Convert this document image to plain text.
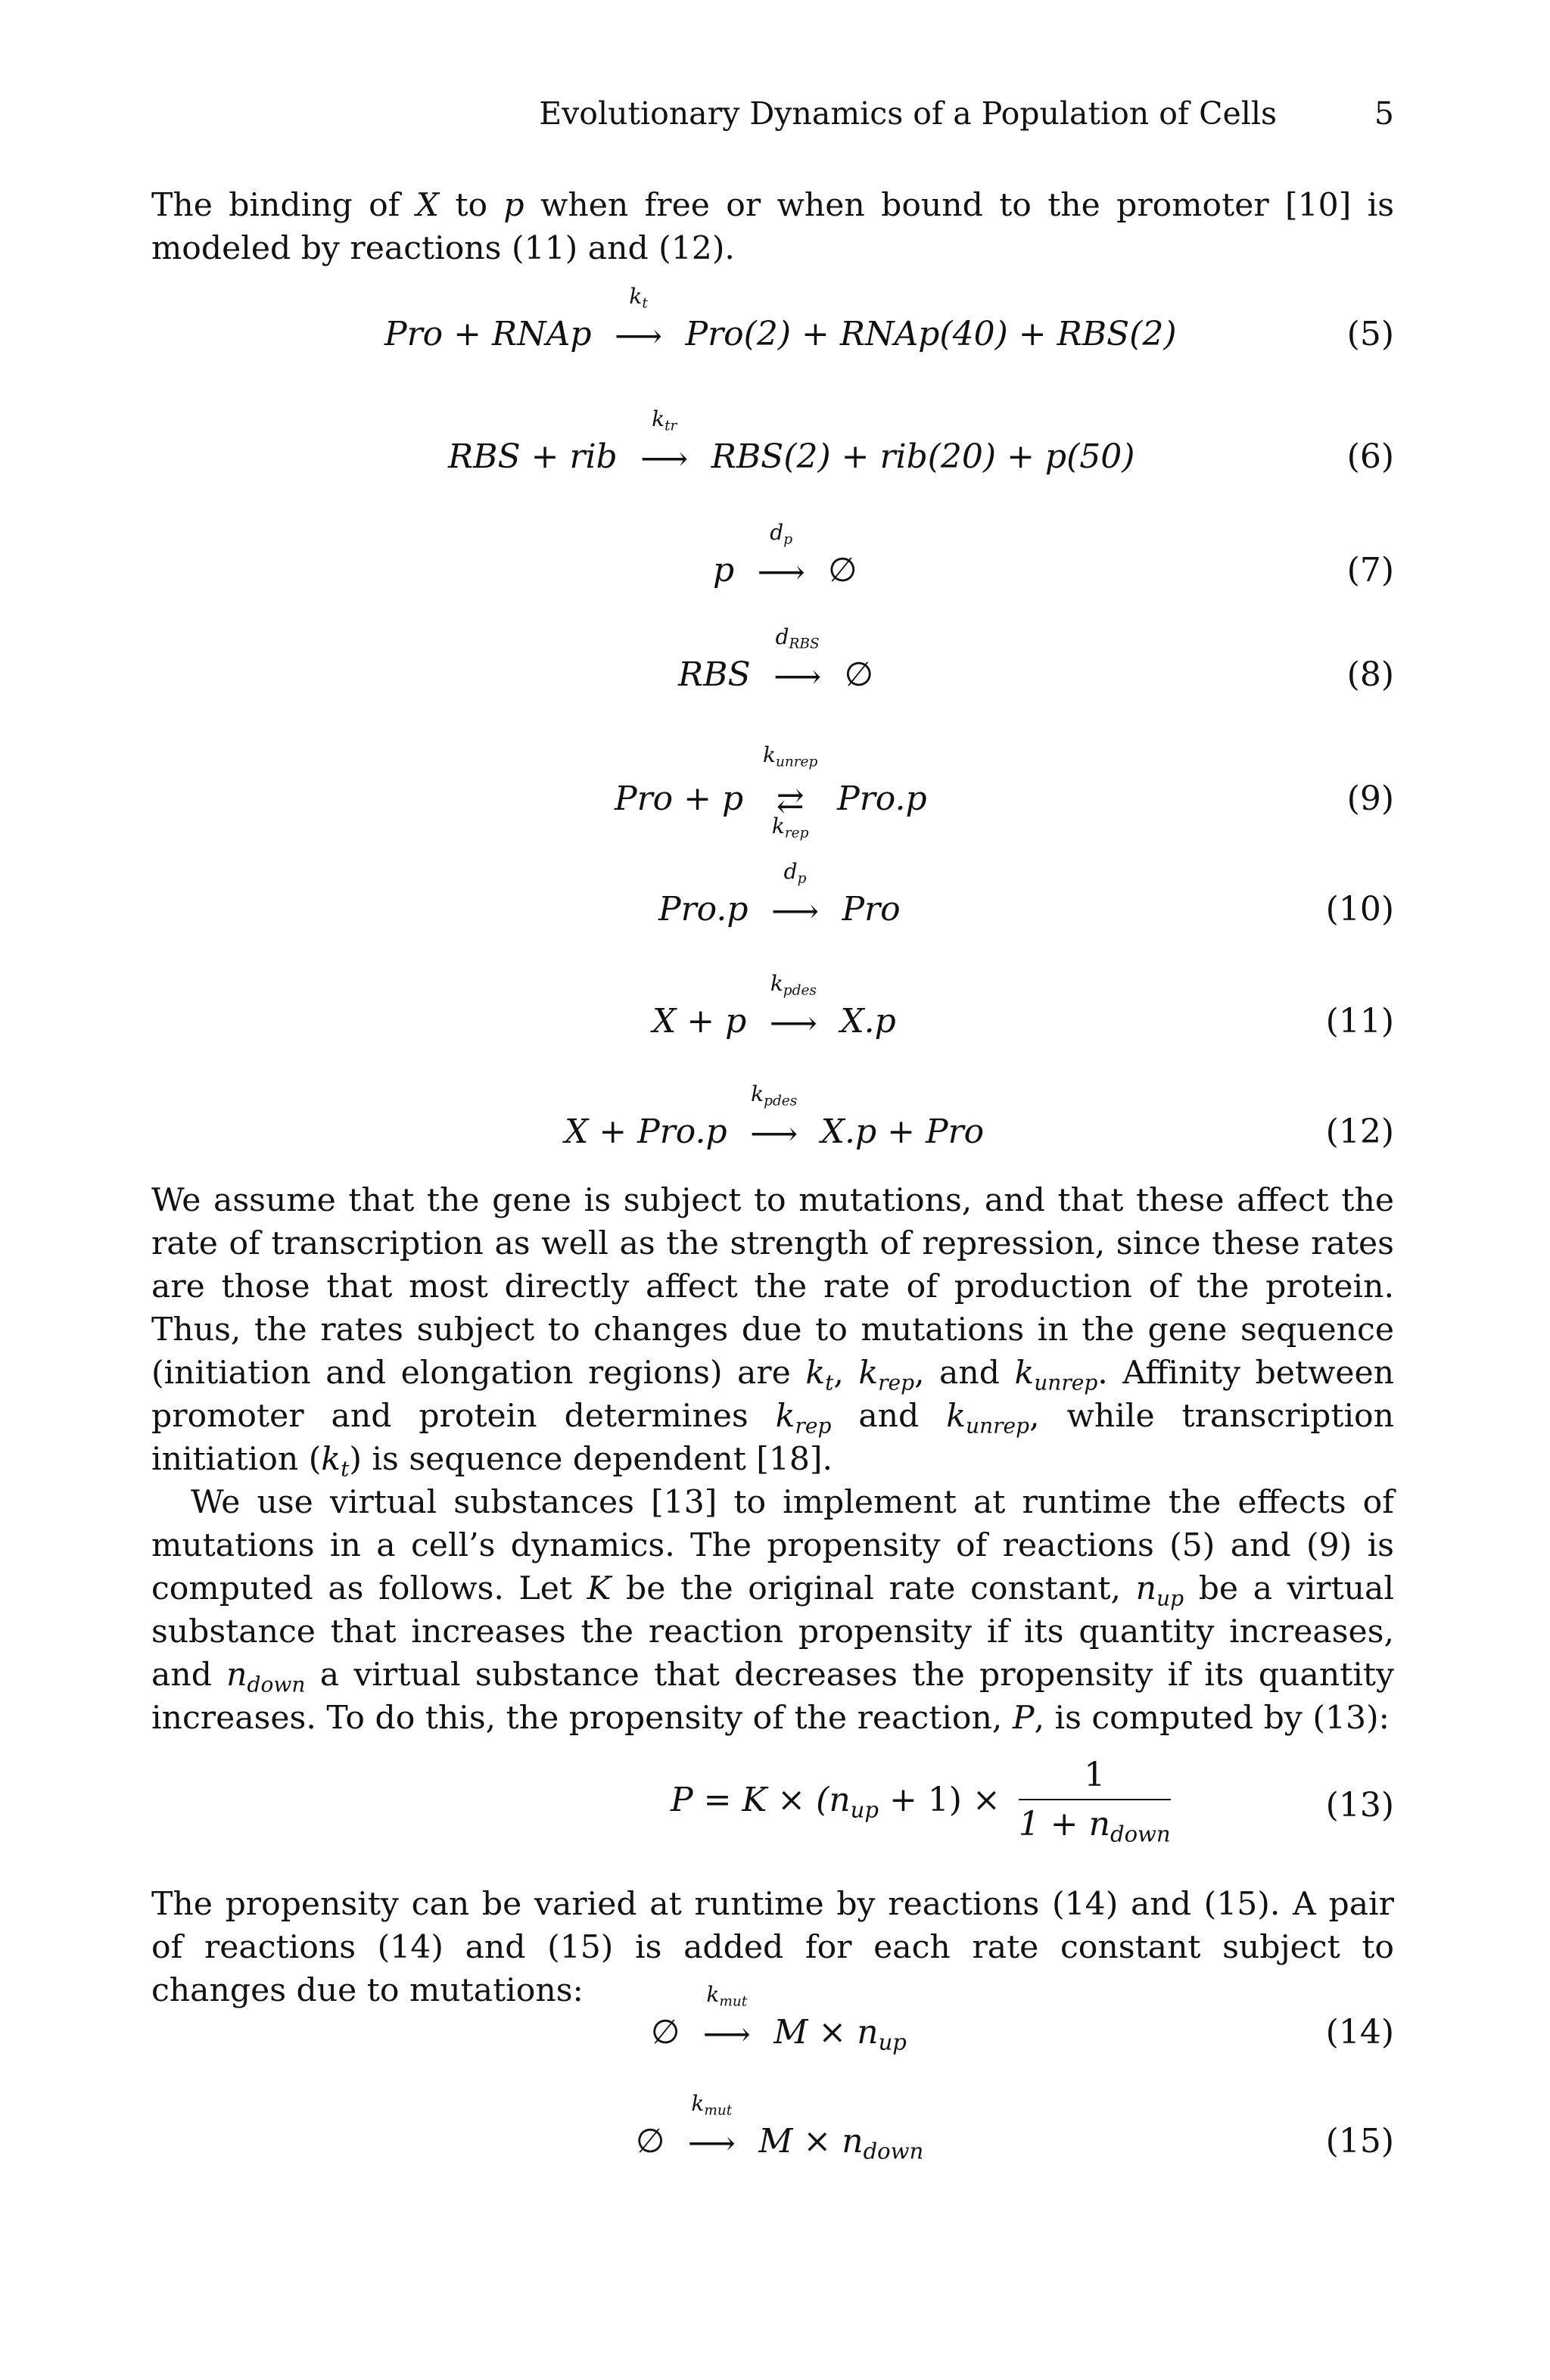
Evolutionary Dynamics of a Population of Cells	5

The binding of X to p when free or when bound to the promoter [10] is modeled by reactions (11) and (12).

Pro + RNAp
$k_t$
⟶ Pro(2) + RNAp(40) + RBS(2)	(5)
RBS + rib
$k_{tr}$
⟶ RBS(2) + rib(20) + p(50)	(6)
p
$d_p$
⟶ ∅	(7)
RBS
$d_{RBS}$
⟶ ∅	(8)
Pro + p
$k_{unrep}$
⇄
$k_{rep}$
Pro.p	(9)
Pro.p
$d_p$
⟶ Pro	(10)
X + p
$k_{pdes}$
⟶ X.p	(11)
X + Pro.p
$k_{pdes}$
⟶ X.p + Pro	(12)

We assume that the gene is subject to mutations, and that these affect the rate of transcription as well as the strength of repression, since these rates are those that most directly affect the rate of production of the protein. Thus, the rates subject to changes due to mutations in the gene sequence (initiation and elongation regions) are $k_t$, $k_{rep}$, and $k_{unrep}$. Affinity between promoter and protein determines $k_{rep}$ and $k_{unrep}$, while transcription initiation $(k_t)$ is sequence dependent [18].

We use virtual substances [13] to implement at runtime the effects of mutations in a cell’s dynamics. The propensity of reactions (5) and (9) is computed as follows. Let K be the original rate constant, $n_{up}$ be a virtual substance that increases the reaction propensity if its quantity increases, and $n_{down}$ a virtual substance that decreases the propensity if its quantity increases. To do this, the propensity of the reaction, P, is computed by (13):

$P = K \times (n_{up} + 1) \times \frac{1}{1 + n_{down}}$	(13)

The propensity can be varied at runtime by reactions (14) and (15). A pair of reactions (14) and (15) is added for each rate constant subject to changes due to mutations:

∅
$k_{mut}$
⟶ $M \times n_{up}$	(14)
∅
$k_{mut}$
⟶ $M \times n_{down}$	(15)
